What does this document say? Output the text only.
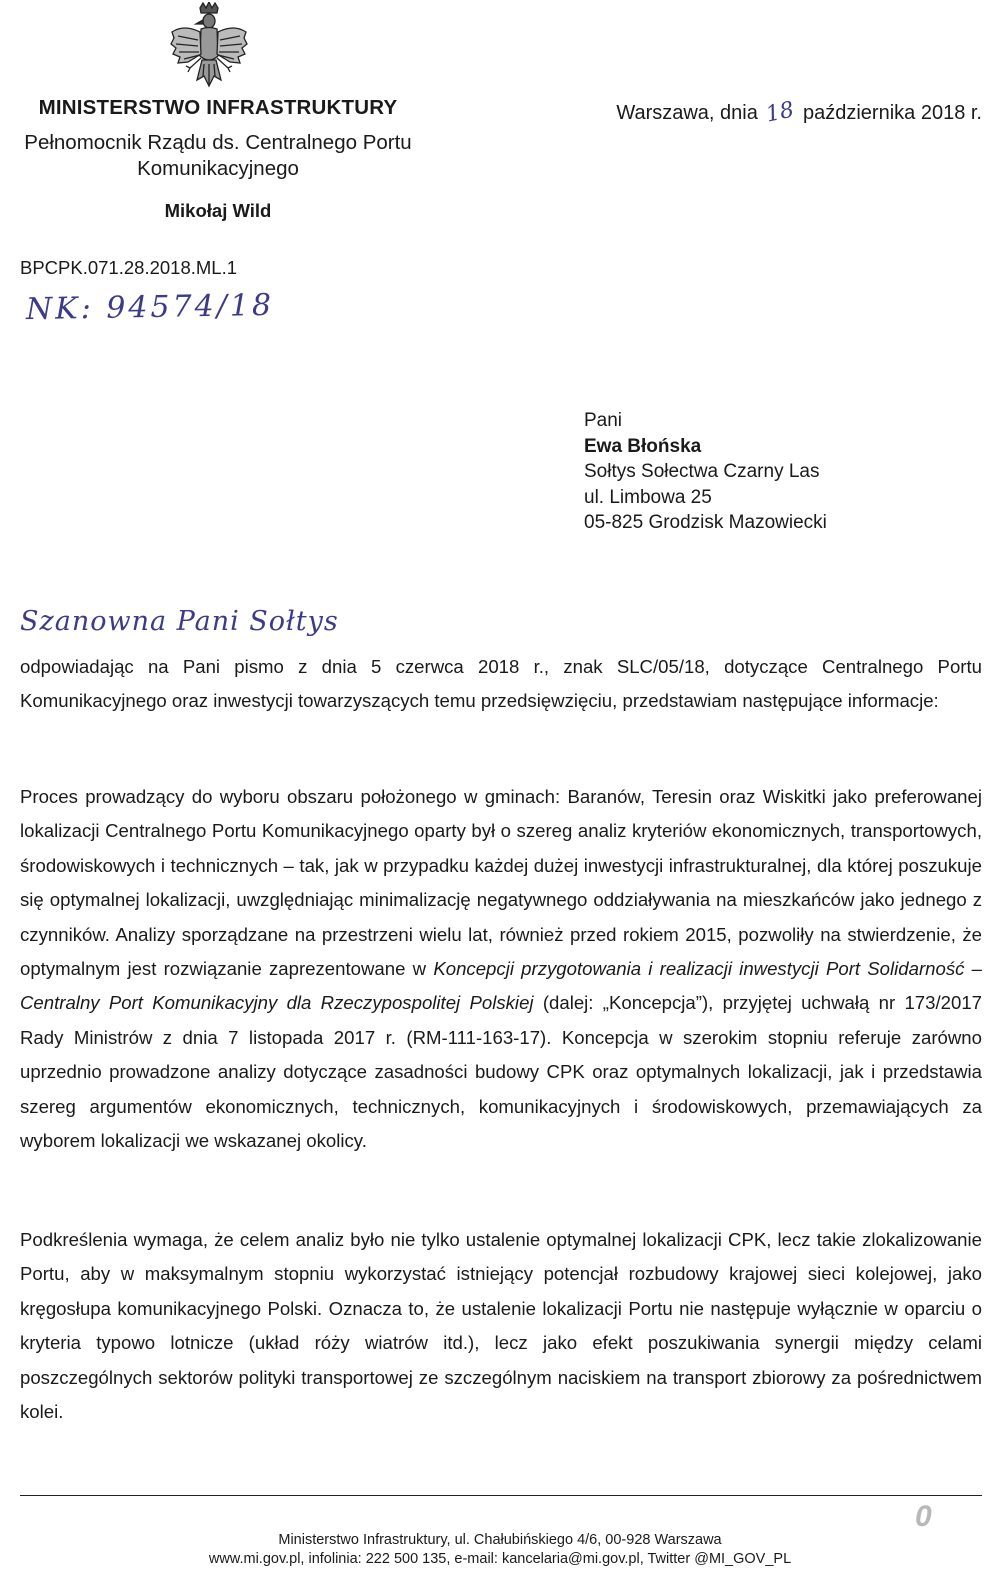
MINISTERSTWO INFRASTRUKTURY
Pełnomocnik Rządu ds. Centralnego Portu
Komunikacyjnego
Mikołaj Wild
Warszawa, dnia 18 października 2018 r.
BPCPK.071.28.2018.ML.1
NK: 94574/18
Pani
Ewa Błońska
Sołtys Sołectwa Czarny Las
ul. Limbowa 25
05-825 Grodzisk Mazowiecki
Szanowna Pani Sołtys
odpowiadając na Pani pismo z dnia 5 czerwca 2018 r., znak SLC/05/18, dotyczące Centralnego Portu Komunikacyjnego oraz inwestycji towarzyszących temu przedsięwzięciu, przedstawiam następujące informacje:
Proces prowadzący do wyboru obszaru położonego w gminach: Baranów, Teresin oraz Wiskitki jako preferowanej lokalizacji Centralnego Portu Komunikacyjnego oparty był o szereg analiz kryteriów ekonomicznych, transportowych, środowiskowych i technicznych – tak, jak w przypadku każdej dużej inwestycji infrastrukturalnej, dla której poszukuje się optymalnej lokalizacji, uwzględniając minimalizację negatywnego oddziaływania na mieszkańców jako jednego z czynników. Analizy sporządzane na przestrzeni wielu lat, również przed rokiem 2015, pozwoliły na stwierdzenie, że optymalnym jest rozwiązanie zaprezentowane w Koncepcji przygotowania i realizacji inwestycji Port Solidarność – Centralny Port Komunikacyjny dla Rzeczypospolitej Polskiej (dalej: „Koncepcja”), przyjętej uchwałą nr 173/2017 Rady Ministrów z dnia 7 listopada 2017 r. (RM-111-163-17). Koncepcja w szerokim stopniu referuje zarówno uprzednio prowadzone analizy dotyczące zasadności budowy CPK oraz optymalnych lokalizacji, jak i przedstawia szereg argumentów ekonomicznych, technicznych, komunikacyjnych i środowiskowych, przemawiających za wyborem lokalizacji we wskazanej okolicy.
Podkreślenia wymaga, że celem analiz było nie tylko ustalenie optymalnej lokalizacji CPK, lecz takie zlokalizowanie Portu, aby w maksymalnym stopniu wykorzystać istniejący potencjał rozbudowy krajowej sieci kolejowej, jako kręgosłupa komunikacyjnego Polski. Oznacza to, że ustalenie lokalizacji Portu nie następuje wyłącznie w oparciu o kryteria typowo lotnicze (układ róży wiatrów itd.), lecz jako efekt poszukiwania synergii między celami poszczególnych sektorów polityki transportowej ze szczególnym naciskiem na transport zbiorowy za pośrednictwem kolei.
0
Ministerstwo Infrastruktury, ul. Chałubińskiego 4/6, 00-928 Warszawa
www.mi.gov.pl, infolinia: 222 500 135, e-mail: kancelaria@mi.gov.pl, Twitter @MI_GOV_PL
